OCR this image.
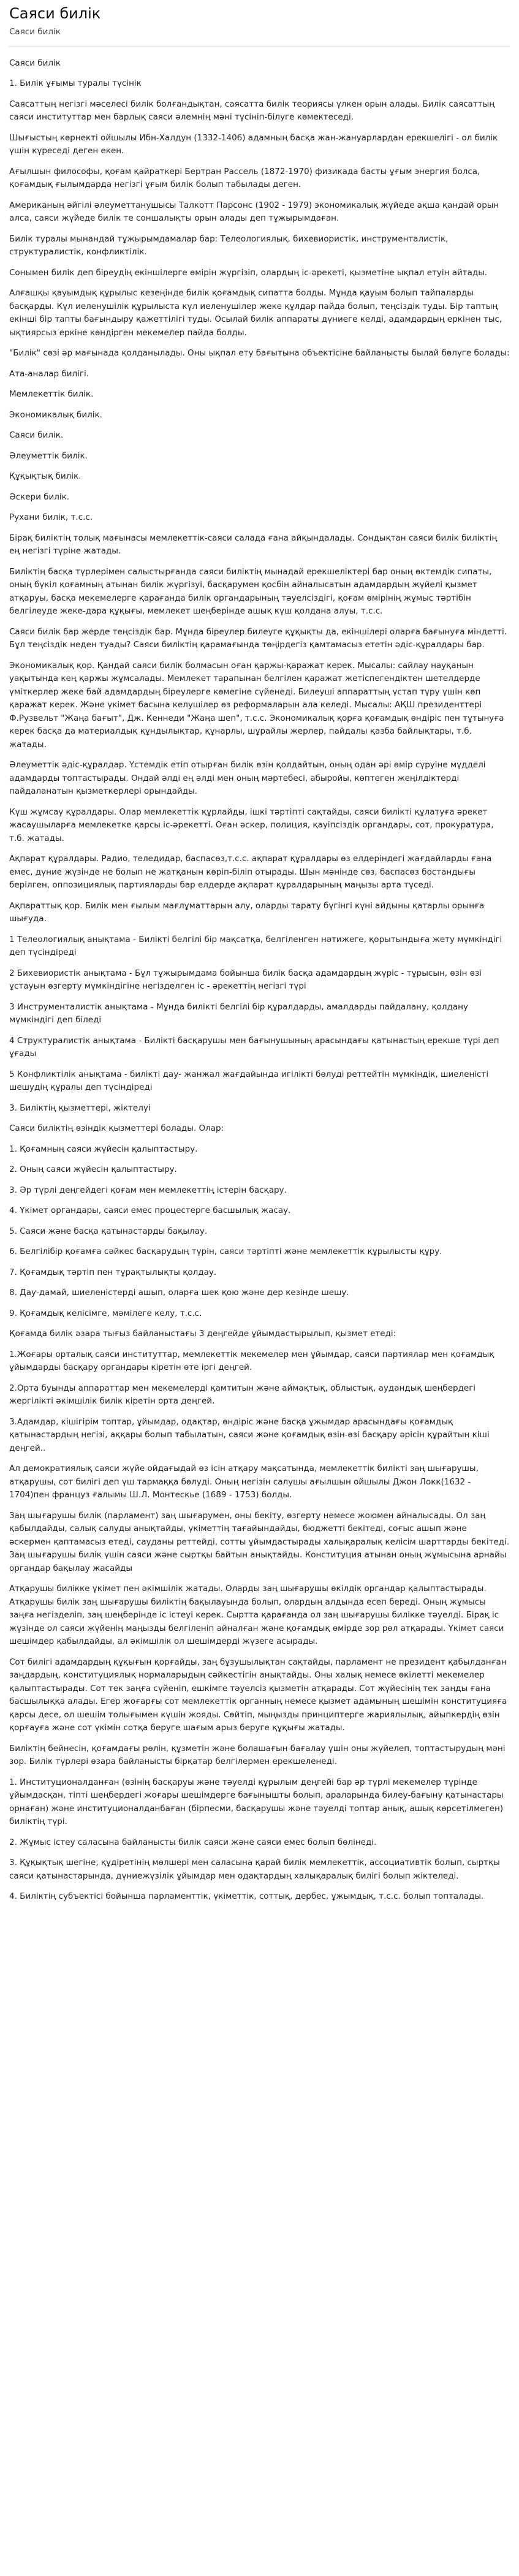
Саяси билік
Саяси билік

Саяси билік

1. Билік ұғымы туралы түсінік

Саясаттың негізгі мәселесі билік болғандықтан, саясатта билік теориясы үлкен орын алады. Билік саясаттың саяси институттар мен барлық саяси әлемнің мәні түсініп-білуге көмектеседі.

Шығыстың көрнекті ойшылы Ибн-Халдун (1332-1406) адамның басқа жан-жануарлардан ерекшелігі - ол билік үшін күреседі деген екен.

Ағылшын философы, қоғам қайраткері Бертран Рассель (1872-1970) физикада басты ұғым энергия болса, қоғамдық ғылымдарда негізгі ұғым билік болып табылады деген.

Американың әйгілі әлеуметтанушысы Талкотт Парсонс (1902 - 1979) экономикалық жүйеде ақша қандай орын алса, саяси жүйеде билік те соншалықты орын алады деп тұжырымдаған.

Билік туралы мынандай тұжырымдамалар бар: Телеологиялық, бихевиористік, инструменталистік, структуралистік, конфликтілік.

Сонымен билік деп біреудің екіншілерге өмірін жүргізіп, олардың іс-әрекеті, қызметіне ықпал етуін айтады.

Алғашқы қауымдық құрылыс кезеңінде билік қоғамдық сипатта болды. Мұнда қауым болып тайпаларды басқарды. Күл иеленушілік құрылыста күл иеленушілер жеке құлдар пайда болып, теңсіздік туды. Бір таптың екінші бір тапты бағындыру қажеттілігі туды. Осылай билік аппараты дүниеге келді, адамдардың еркінен тыс, ықтиярсыз еркіне көндірген мекемелер пайда болды.

"Билік" сөзі әр мағынада қолданылады. Оны ықпал ету бағытына объектісіне байланысты былай бөлуге болады:

Ата-аналар билігі.

Мемлекеттік билік.

Экономикалық билік.

Саяси билік.

Әлеуметтік билік.

Құқықтық билік.

Әскери билік.

Рухани билік, т.с.с.

Бірақ биліктің толық мағынасы мемлекеттік-саяси салада ғана айқындалады. Сондықтан саяси билік биліктің ең негізгі түріне жатады.

Биліктің басқа түрлерімен салыстырғанда саяси биліктің мынадай ерекшеліктері бар оның өктемдік сипаты, оның бүкіл қоғамның атынан билік жүргізуі, басқарумен қосбін айналысатын адамдардың жүйелі қызмет атқаруы, басқа мекемелерге қарағанда билік органдарының тәуелсіздігі, қоғам өмірінің жұмыс тәртібін белгілеуде жеке-дара құқығы, мемлекет шеңберінде ашық күш қолдана алуы, т.с.с.

Саяси билік бар жерде теңсіздік бар. Мұнда біреулер билеуге құқықты да, екіншілері оларға бағынуға міндетті. Бұл теңсіздік неден туады? Саяси биліктің қарамағында төңірдегіз қамтамасыз ететін әдіс-құралдары бар.

Экономикалық қор. Қандай саяси билік болмасын оған қаржы-қаражат керек. Мысалы: сайлау науқанын уақытында кең қаржы жұмсалады. Мемлекет тарапынан белгілен қаражат жетіспегендіктен шетелдерде үміткерлер жеке бай адамдардың біреулерге көмегіне сүйенеді. Билеуші аппараттың үстап түру үшін көп қаражат керек. Және үкімет басына келушілер өз реформаларын ала келеді. Мысалы: АҚШ президенттері Ф.Рузвельт "Жаңа бағыт", Дж. Кеннеди "Жаңа шеп", т.с.с. Экономикалық қорға қоғамдық өндіріс пен тұтынуға керек басқа да материалдық құндылықтар, құнарлы, шұрайлы жерлер, пайдалы қазба байлықтары, т.б. жатады.

Әлеуметтік әдіс-құралдар. Үстемдік етіп отырған билік өзін қолдайтын, оның одан әрі өмір сүруіне мүдделі адамдарды топтастырады. Ондай әлді ең әлді мен оның мәртебесі, абыройы, көптеген жеңілдіктерді пайдаланатын қызметкерлері орындайды.

Күш жұмсау құралдары. Олар мемлекеттік құрлайды, ішкі тәртіпті сақтайды, саяси билікті құлатуға әрекет жасаушыларға мемлекетке қарсы іс-әрекетті. Оған әскер, полиция, қауіпсіздік органдары, сот, прокуратура, т.б. жатады.

Ақпарат құралдары. Радио, теледидар, баспасөз,т.с.с. ақпарат құралдары өз елдеріндегі жағдайларды ғана емес, дүние жүзінде не болып не жатқанын көрiп-бiлiп отырады. Шын мәнінде сөз, баспасөз бостандығы берілген, оппозициялық партияларды бар елдерде ақпарат құралдарының маңызы арта түседі.

Ақпараттық қор. Билік мен ғылым мағлұматтарын алу, оларды тарату бүгінгі күні айдыны қатарлы орынға шығуда.

1 Телеологиялық анықтама - Билікті белгілі бір мақсатқа, белгіленген нәтижеге, қорытындыға жету мүмкіндігі деп түсіндіреді

2 Бихевиористік анықтама - Бұл тұжырымдама бойынша билік басқа адамдардың жүріс - тұрысын, өзін өзі ұстауын өзгерту мүмкіндігіне негізделген іс - әрекеттің негізгі түрі

3 Инструменталистік анықтама - Мұнда билікті белгілі бір құралдарды, амалдарды пайдалану, қолдану мүмкіндігі деп біледі

4 Структуралистік анықтама - Билікті басқарушы мен бағынушының арасындағы қатынастың ерекше түрі деп ұғады

5 Конфликтілік анықтама - билікті дау- жанжал жағдайында игілікті бөлуді реттейтін мүмкіндік, шиеленісті шешудің құралы деп түсіндіреді

3. Биліктің қызметтері, жіктелуі

Саяси биліктің өзіндік қызметтері болады. Олар:

1. Қоғамның саяси жүйесін қалыптастыру.

2. Оның саяси жүйесін қалыптастыру.

3. Әр түрлі деңгейдегі қоғам мен мемлекеттің істерін басқару.

4. Үкімет органдары, саяси емес процестерге басшылық жасау.

5. Саяси және басқа қатынастарды бақылау.

6. Белгілібір қоғамға сәйкес басқарудың түрін, саяси тәртіпті және мемлекеттік құрылысты құру.

7. Қоғамдық тәртіп пен тұрақтылықты қолдау.

8. Дау-дамай, шиеленістерді ашып, оларға шек қою және дер кезінде шешу.

9. Қоғамдық келісімге, мәмілеге келу, т.с.с.

Қоғамда билік әзара тығыз байланыстағы 3 деңгейде ұйымдастырылып, қызмет етеді:

1.Жоғары орталық саяси институттар, мемлекеттік мекемелер мен ұйымдар, саяси партиялар мен қоғамдық ұйымдарды басқару органдары кіретін өте іргі деңгей.

2.Орта буынды аппараттар мен мекемелерді қамтитын және аймақтық, облыстық, аудандық шеңбердегі жергілікті әкімшілік билік кіретін орта деңгей.

3.Адамдар, кішігірім топтар, ұйымдар, одақтар, өндіріс және басқа ұжымдар арасындағы қоғамдық қатынастардың негізі, аққары болып табылатын, саяси және қоғамдық өзін-өзі басқару әрісін құрайтын кіші деңгей..

Ал демократиялық саяси жүйе ойдағыдай өз ісін атқару мақсатында, мемлекеттік билікті заң шығарушы, атқарушы, сот билігі деп үш тармаққа бөлуді. Оның негізін салушы ағылшын ойшылы Джон Локк(1632 - 1704)пен француз ғалымы Ш.Л. Монтескье (1689 - 1753) болды.

Заң шығарушы билік (парламент) заң шығарумен, оны бекіту, өзгерту немесе жоюмен айналысады. Ол заң қабылдайды, салық салуды анықтайды, үкіметтің тағайындайды, бюджетті бекітеді, соғыс ашып және әскермен қаптамасыз етеді, сауданы реттейді, сотты ұйымдастырады халықаралық келісім шарттарды бекітеді. Заң шығарушы билік үшін саяси және сыртқы байтын анықтайды. Конституция атынан оның жұмысына арнайы органдар бақылау жасайды

Атқарушы билікке үкімет пен әкімшілік жатады. Оларды заң шығарушы өкілдік органдар қалыптастырады. Атқарушы билік заң шығарушы биліктің бақылауында болып, олардың алдында есеп береді. Оның жұмысы заңға негізделіп, заң шеңберінде іс істеуі керек. Сыртта қарағанда ол заң шығарушы билікке тәуелді. Бірақ іс жүзінде ол саяси жүйенің маңызды белгіленіп айналған және қоғамдық өмірде зор рөл атқарады. Үкімет саяси шешімдер қабылдайды, ал әкімшілік ол шешімдерді жүзеге асырады.

Сот билігі адамдардың құқығын қорғайды, заң бұзушылықтан сақтайды, парламент не президент қабылданған заңдардың, конституциялық нормаларыдың сәйкестігін анықтайды. Оны халық немесе өкілетті мекемелер қалыптастырады. Сот тек заңға сүйеніп, ешкімге тәуелсіз қызметін атқарады. Сот жүйесінің тек заңды ғана басшылыққа алады. Егер жоғарғы сот мемлекеттік органның немесе қызмет адамының шешімін конституцияға қарсы десе, ол шешім толығымен күшін жояды. Сөйтіп, мыңызды принциптерге жариялылық, айыпкердің өзін қорғауға және сот үкімін сотқа беруге шағым арыз беруге құқығы жатады.

Биліктің бейнесін, қоғамдағы рөлін, құзметін және болашағын бағалау үшін оны жүйелеп, топтастырудың мәні зор. Билік түрлері өзара байланысты бірқатар белгілермен ерекшеленеді.

1. Институционалданған (өзінің басқаруы және тәуелді құрылым деңгейі бар әр түрлі мекемелер түрінде ұйымдасқан, тіпті шеңбердегі жоғары шешімдерге бағынышты болып, араларында билеу-бағыну қатынастары орнаған) және институционалданбаған (бірпесми, басқарушы және тәуелді топтар анық, ашық көрсетілмеген) биліктің түрі.

2. Жұмыс істеу саласына байланысты билік саяси және саяси емес болып бөлінеді.

3. Құқықтық шегіне, құдіретінің мөлшері мен саласына қарай билік мемлекеттік, ассоциативтік болып, сыртқы саяси қатынастарында, дүниежүзілік ұйымдар мен одақтардың халықаралық билігі болып жіктеледі.

4. Биліктің субъектісі бойынша парламенттік, үкіметтік, соттық, дербес, ұжымдық, т.с.с. болып топталады.
